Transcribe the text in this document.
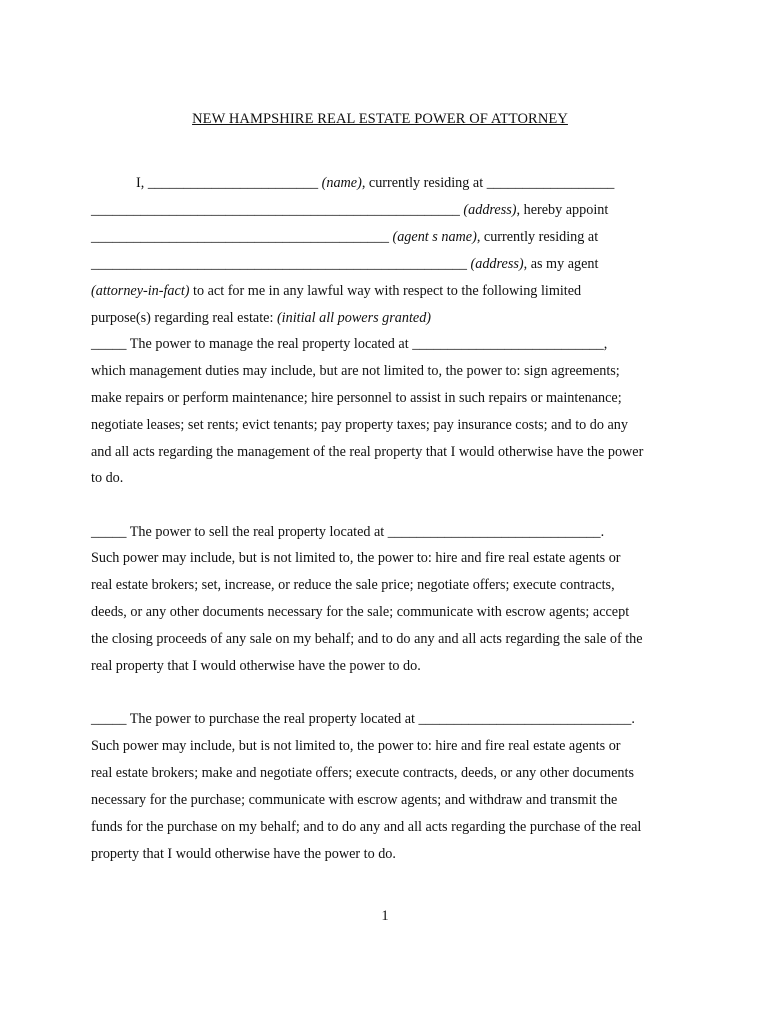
NEW HAMPSHIRE REAL ESTATE POWER OF ATTORNEY
I, ________________________ (name), currently residing at __________________
____________________________________________________ (address), hereby appoint
__________________________________________ (agent s name), currently residing at
_____________________________________________________ (address), as my agent
(attorney-in-fact) to act for me in any lawful way with respect to the following limited
purpose(s) regarding real estate: (initial all powers granted)
_____ The power to manage the real property located at ___________________________,
which management duties may include, but are not limited to, the power to: sign agreements;
make repairs or perform maintenance; hire personnel to assist in such repairs or maintenance;
negotiate leases; set rents; evict tenants; pay property taxes; pay insurance costs; and to do any
and all acts regarding the management of the real property that I would otherwise have the power
to do.
_____ The power to sell the real property located at ______________________________.
Such power may include, but is not limited to, the power to: hire and fire real estate agents or
real estate brokers; set, increase, or reduce the sale price; negotiate offers; execute contracts,
deeds, or any other documents necessary for the sale; communicate with escrow agents; accept
the closing proceeds of any sale on my behalf; and to do any and all acts regarding the sale of the
real property that I would otherwise have the power to do.
_____ The power to purchase the real property located at ______________________________.
Such power may include, but is not limited to, the power to: hire and fire real estate agents or
real estate brokers; make and negotiate offers; execute contracts, deeds, or any other documents
necessary for the purchase; communicate with escrow agents; and withdraw and transmit the
funds for the purchase on my behalf; and to do any and all acts regarding the purchase of the real
property that I would otherwise have the power to do.
1
